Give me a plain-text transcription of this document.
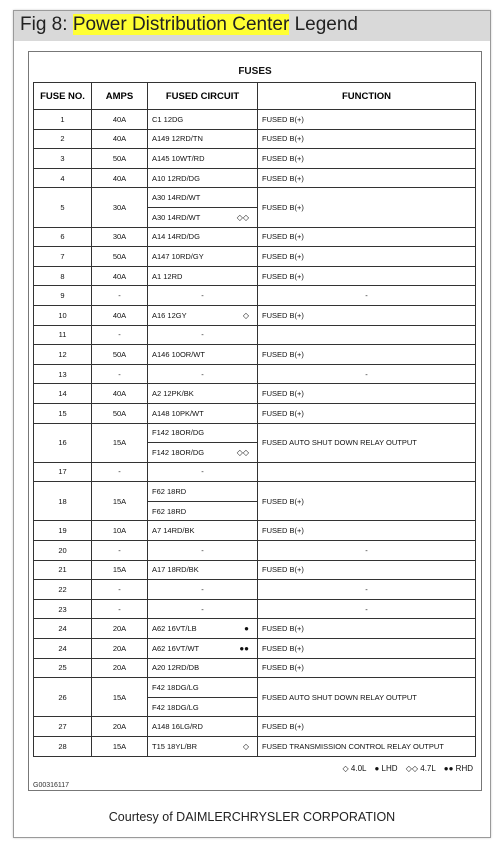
Fig 8: Power Distribution Center Legend
FUSES
FUSE NO.	AMPS	FUSED CIRCUIT	FUNCTION
1	40A	C1 12DG	FUSED B(+)
2	40A	A149 12RD/TN	FUSED B(+)
3	50A	A145 10WT/RD	FUSED B(+)
4	40A	A10 12RD/DG	FUSED B(+)
5	30A	A30 14RD/WT	FUSED B(+)

		A30 14RD/WT ◇◇	

6	30A	A14 14RD/DG	FUSED B(+)
7	50A	A147 10RD/GY	FUSED B(+)
8	40A	A1 12RD	FUSED B(+)
9	-	-	-
10	40A	A16 12GY ◇	FUSED B(+)
11	-	-	

12	50A	A146 10OR/WT	FUSED B(+)
13	-	-	-
14	40A	A2 12PK/BK	FUSED B(+)
15	50A	A148 10PK/WT	FUSED B(+)
16	15A	F142 18OR/DG	FUSED AUTO SHUT DOWN RELAY OUTPUT

		F142 18OR/DG ◇◇	

17	-	-	

18	15A	F62 18RD	FUSED B(+)

		F62 18RD	

19	10A	A7 14RD/BK	FUSED B(+)
20	-	-	-
21	15A	A17 18RD/BK	FUSED B(+)
22	-	-	-
23	-	-	-
24	20A	A62 16VT/LB ●	FUSED B(+)
24	20A	A62 16VT/WT ●●	FUSED B(+)
25	20A	A20 12RD/DB	FUSED B(+)
26	15A	F42 18DG/LG	FUSED AUTO SHUT DOWN RELAY OUTPUT

		F42 18DG/LG	

27	20A	A148 16LG/RD	FUSED B(+)
28	15A	T15 18YL/BR ◇	FUSED TRANSMISSION CONTROL RELAY OUTPUT
◇ 4.0L ● LHD ◇◇ 4.7L ●● RHD
G00316117
Courtesy of DAIMLERCHRYSLER CORPORATION
